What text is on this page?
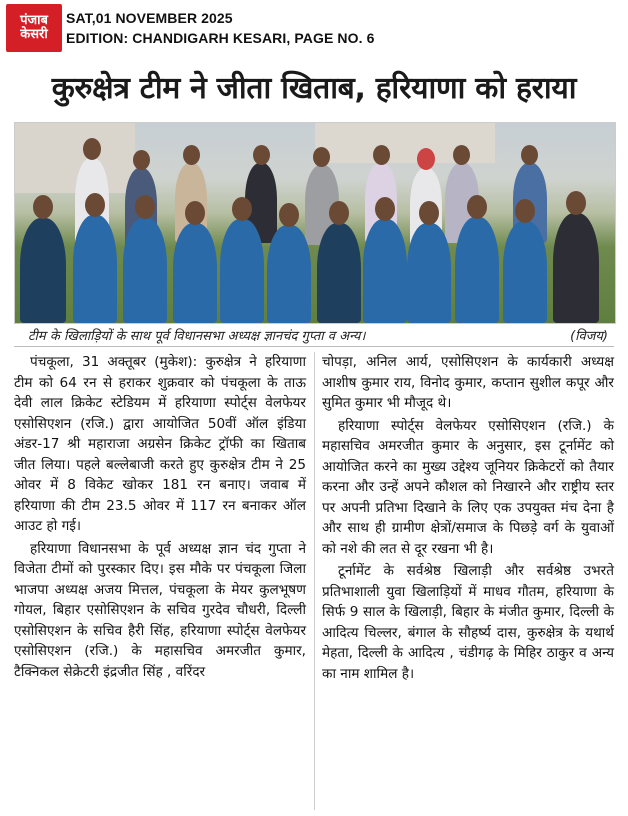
पंजाब
केसरी
SAT,01 NOVEMBER 2025
EDITION: CHANDIGARH KESARI, PAGE NO. 6
कुरुक्षेत्र टीम ने जीता खिताब, हरियाणा को हराया
टीम के खिलाड़ियों के साथ पूर्व विधानसभा अध्यक्ष ज्ञानचंद गुप्ता व अन्य।	(विजय)

पंचकूला, 31 अक्तूबर (मुकेश): कुरुक्षेत्र ने हरियाणा टीम को 64 रन से हराकर शुक्रवार को पंचकूला के ताऊ देवी लाल क्रिकेट स्टेडियम में हरियाणा स्पोर्ट्स वेलफेयर एसोसिएशन (रजि.) द्वारा आयोजित 50वीं ऑल इंडिया अंडर-17 श्री महाराजा अग्रसेन क्रिकेट ट्रॉफी का खिताब जीत लिया। पहले बल्लेबाजी करते हुए कुरुक्षेत्र टीम ने 25 ओवर में 8 विकेट खोकर 181 रन बनाए। जवाब में हरियाणा की टीम 23.5 ओवर में 117 रन बनाकर ऑल आउट हो गई।

हरियाणा विधानसभा के पूर्व अध्यक्ष ज्ञान चंद गुप्ता ने विजेता टीमों को पुरस्कार दिए। इस मौके पर पंचकूला जिला भाजपा अध्यक्ष अजय मित्तल, पंचकूला के मेयर कुलभूषण गोयल, बिहार एसोसिएशन के सचिव गुरदेव चौधरी, दिल्ली एसोसिएशन के सचिव हैरी सिंह, हरियाणा स्पोर्ट्स वेलफेयर एसोसिएशन (रजि.) के महासचिव अमरजीत कुमार, टैक्निकल सेक्रेटरी इंद्रजीत सिंह , वरिंदर

चोपड़ा, अनिल आर्य, एसोसिएशन के कार्यकारी अध्यक्ष आशीष कुमार राय, विनोद कुमार, कप्तान सुशील कपूर और सुमित कुमार भी मौजूद थे।

हरियाणा स्पोर्ट्स वेलफेयर एसोसिएशन (रजि.) के महासचिव अमरजीत कुमार के अनुसार, इस टूर्नामेंट को आयोजित करने का मुख्य उद्देश्य जूनियर क्रिकेटरों को तैयार करना और उन्हें अपने कौशल को निखारने और राष्ट्रीय स्तर पर अपनी प्रतिभा दिखाने के लिए एक उपयुक्त मंच देना है और साथ ही ग्रामीण क्षेत्रों/समाज के पिछड़े वर्ग के युवाओं को नशे की लत से दूर रखना भी है।

टूर्नामेंट के सर्वश्रेष्ठ खिलाड़ी और सर्वश्रेष्ठ उभरते प्रतिभाशाली युवा खिलाड़ियों में माधव गौतम, हरियाणा के सिर्फ 9 साल के खिलाड़ी, बिहार के मंजीत कुमार, दिल्ली के आदित्य चिल्लर, बंगाल के सौहर्ष्य दास, कुरुक्षेत्र के यथार्थ मेहता, दिल्ली के आदित्य , चंडीगढ़ के मिहिर ठाकुर व अन्य का नाम शामिल है।
